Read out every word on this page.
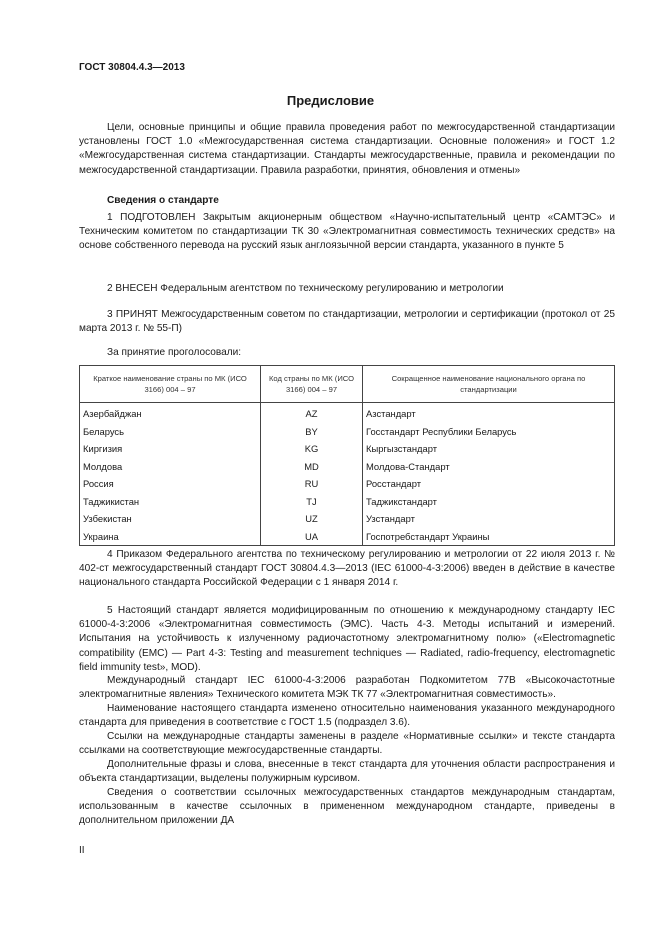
ГОСТ 30804.4.3—2013
Предисловие

Цели, основные принципы и общие правила проведения работ по межгосударственной стандартизации установлены ГОСТ 1.0 «Межгосударственная система стандартизации. Основные положения» и ГОСТ 1.2 «Межгосударственная система стандартизации. Стандарты межгосударственные, правила и рекомендации по межгосударственной стандартизации. Правила разработки, принятия, обновления и отмены»

Сведения о стандарте

1 ПОДГОТОВЛЕН Закрытым акционерным обществом «Научно-испытательный центр «САМТЭС» и Техническим комитетом по стандартизации ТК 30 «Электромагнитная совместимость технических средств» на основе собственного перевода на русский язык англоязычной версии стандарта, указанного в пункте 5

2 ВНЕСЕН Федеральным агентством по техническому регулированию и метрологии

3 ПРИНЯТ Межгосударственным советом по стандартизации, метрологии и сертификации (протокол от 25 марта 2013 г. № 55-П)

За принятие проголосовали:
Краткое наименование страны по МК (ИСО 3166) 004 – 97	Код страны по МК (ИСО 3166) 004 – 97	Сокращенное наименование национального органа по стандартизации
Азербайджан	AZ	Азстандарт
Беларусь	BY	Госстандарт Республики Беларусь
Киргизия	KG	Кыргызстандарт
Молдова	MD	Молдова-Стандарт
Россия	RU	Росстандарт
Таджикистан	TJ	Таджикстандарт
Узбекистан	UZ	Узстандарт
Украина	UA	Госпотребстандарт Украины

4 Приказом Федерального агентства по техническому регулированию и метрологии от 22 июля 2013 г. № 402-ст межгосударственный стандарт ГОСТ 30804.4.3—2013 (IEC 61000-4-3:2006) введен в действие в качестве национального стандарта Российской Федерации с 1 января 2014 г.

5 Настоящий стандарт является модифицированным по отношению к международному стандарту IEC 61000-4-3:2006 «Электромагнитная совместимость (ЭМС). Часть 4-3. Методы испытаний и измерений. Испытания на устойчивость к излученному радиочастотному электромагнитному полю» («Electromagnetic compatibility (EMC) — Part 4-3: Testing and measurement techniques — Radiated, radio-frequency, electromagnetic field immunity test», MOD).

Международный стандарт IEC 61000-4-3:2006 разработан Подкомитетом 77B «Высокочастотные электромагнитные явления» Технического комитета МЭК ТК 77 «Электромагнитная совместимость».

Наименование настоящего стандарта изменено относительно наименования указанного международного стандарта для приведения в соответствие с ГОСТ 1.5 (подраздел 3.6).

Ссылки на международные стандарты заменены в разделе «Нормативные ссылки» и тексте стандарта ссылками на соответствующие межгосударственные стандарты.

Дополнительные фразы и слова, внесенные в текст стандарта для уточнения области распространения и объекта стандартизации, выделены полужирным курсивом.

Сведения о соответствии ссылочных межгосударственных стандартов международным стандартам, использованным в качестве ссылочных в примененном международном стандарте, приведены в дополнительном приложении ДА

II
